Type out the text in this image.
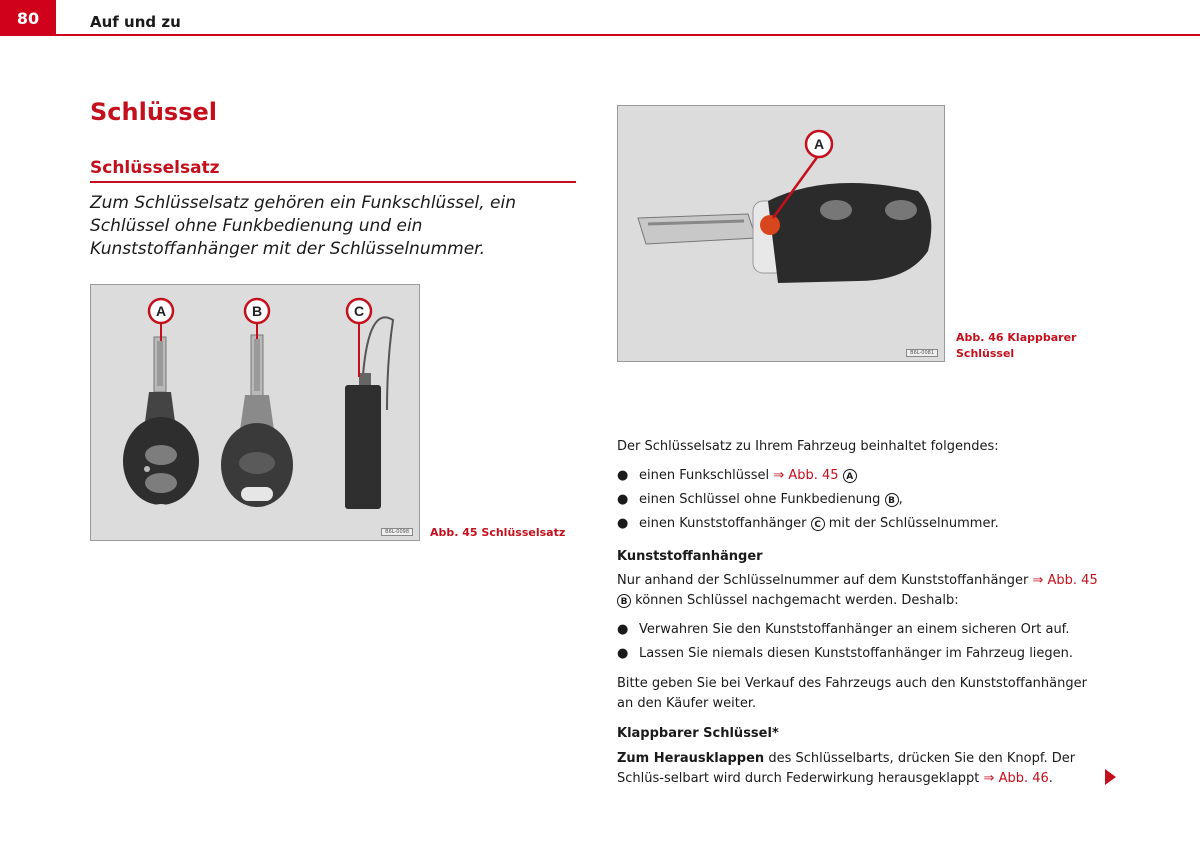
80	Auf und zu
Schlüssel
Schlüsselsatz
Zum Schlüsselsatz gehören ein Funkschlüssel, ein Schlüssel ohne Funkbedienung und ein Kunststoffanhänger mit der Schlüsselnummer.
A	B	C
B6L-0098	Abb. 45 Schlüsselsatz
A
B6L-0081
Abb. 46 Klappbarer Schlüssel
Der Schlüsselsatz zu Ihrem Fahrzeug beinhaltet folgendes:
● einen Funkschlüssel ⇒ Abb. 45 A
● einen Schlüssel ohne Funkbedienung B ,
● einen Kunststoffanhänger C mit der Schlüsselnummer.
Kunststoffanhänger
Nur anhand der Schlüsselnummer auf dem Kunststoffanhänger ⇒ Abb. 45
B können Schlüssel nachgemacht werden. Deshalb:
● Verwahren Sie den Kunststoffanhänger an einem sicheren Ort auf.
● Lassen Sie niemals diesen Kunststoffanhänger im Fahrzeug liegen.
Bitte geben Sie bei Verkauf des Fahrzeugs auch den Kunststoffanhänger an den Käufer weiter.
Klappbarer Schlüssel*
Zum Herausklappen des Schlüsselbarts, drücken Sie den Knopf. Der Schlüs-selbart wird durch Federwirkung herausgeklappt ⇒ Abb. 46.
